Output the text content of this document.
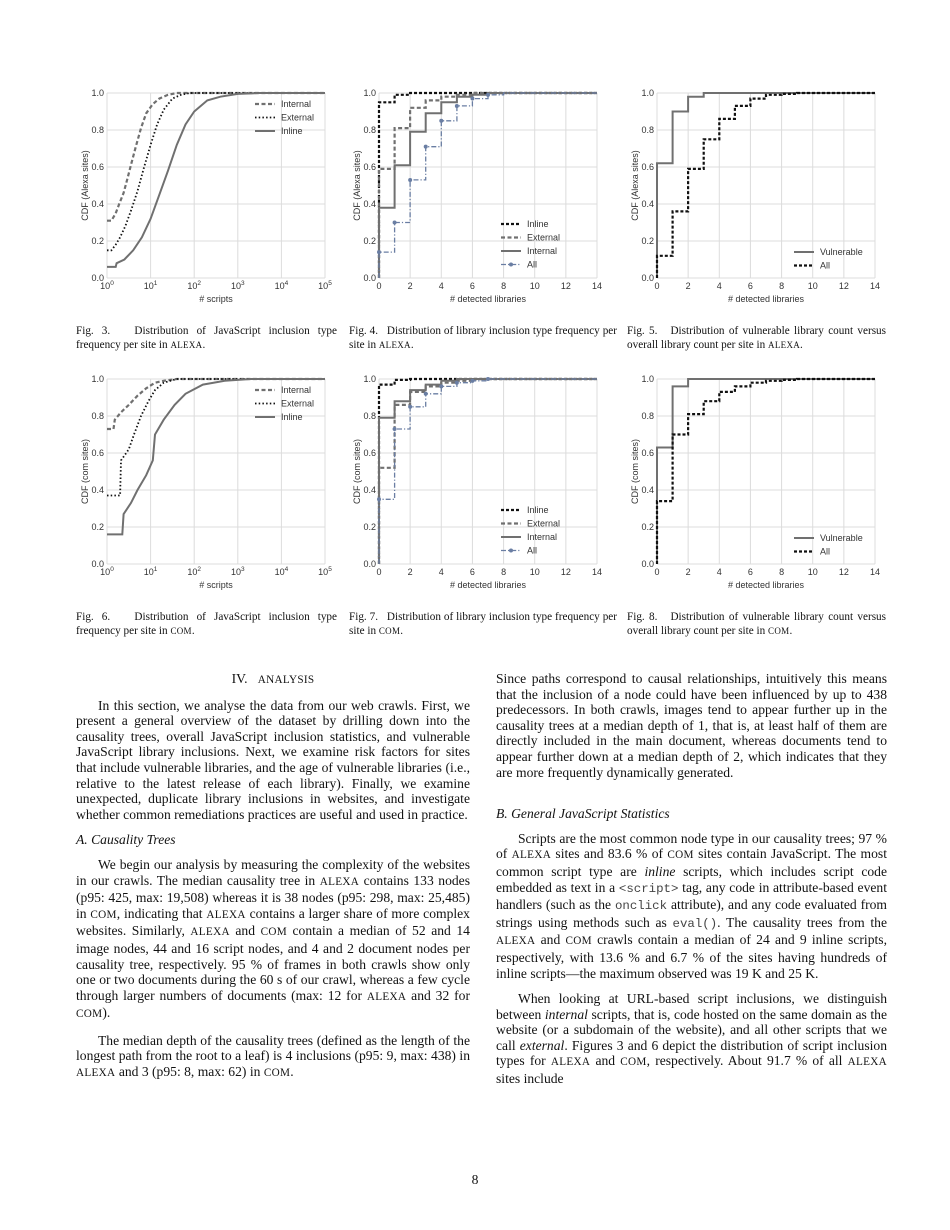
0.0
0.2
0.4
0.6
0.8
1.0
$10^0$	$10^1$	$10^2$	$10^3$	$10^4$	$10^5$
# scripts
CDF (Alexa sites)
Internal
External
Inline
0.0
0.2
0.4
0.6
0.8
1.0
0	2	4	6	8	10 12 14
# detected libraries
CDF (Alexa sites)
Inline
External
Internal
All
0.0
0.2
0.4
0.6
0.8
1.0
0	2	4	6	8	10 12 14
# detected libraries
CDF (Alexa sites)
Vulnerable
All
0.0
0.2
0.4
0.6
0.8
1.0
$10^0$	$10^1$	$10^2$	$10^3$	$10^4$	$10^5$
# scripts
CDF (com sites)
Internal
External
Inline
0.0
0.2
0.4
0.6
0.8
1.0
0	2	4	6	8	10 12 14
# detected libraries
CDF (com sites)
Inline
External
Internal
All
0.0
0.2
0.4
0.6
0.8
1.0
0	2	4	6	8	10 12 14
# detected libraries
CDF (com sites)
Vulnerable
All
Fig. 3. Distribution of JavaScript inclusion type frequency per site in ALEXA.
Fig. 4. Distribution of library inclusion type frequency per site in ALEXA.
Fig. 5. Distribution of vulnerable library count versus overall library count per site in ALEXA.
Fig. 6. Distribution of JavaScript inclusion type frequency per site in COM.
Fig. 7. Distribution of library inclusion type frequency per site in COM.
Fig. 8. Distribution of vulnerable library count versus overall library count per site in COM.
IV. ANALYSIS

In this section, we analyse the data from our web crawls. First, we present a general overview of the dataset by drilling down into the causality trees, overall JavaScript inclusion statistics, and vulnerable JavaScript library inclusions. Next, we examine risk factors for sites that include vulnerable libraries, and the age of vulnerable libraries (i.e., relative to the latest release of each library). Finally, we examine unexpected, duplicate library inclusions in websites, and investigate whether common remediations practices are useful and used in practice.

A. Causality Trees

We begin our analysis by measuring the complexity of the websites in our crawls. The median causality tree in ALEXA contains 133 nodes (p95: 425, max: 19,508) whereas it is 38 nodes (p95: 298, max: 25,485) in COM, indicating that ALEXA contains a larger share of more complex websites. Similarly, ALEXA and COM contain a median of 52 and 14 image nodes, 44 and 16 script nodes, and 4 and 2 document nodes per causality tree, respectively. 95 % of frames in both crawls show only one or two documents during the 60 s of our crawl, whereas a few cycle through larger numbers of documents (max: 12 for ALEXA and 32 for COM).

The median depth of the causality trees (defined as the length of the longest path from the root to a leaf) is 4 inclusions (p95: 9, max: 438) in ALEXA and 3 (p95: 8, max: 62) in COM.

Since paths correspond to causal relationships, intuitively this means that the inclusion of a node could have been influenced by up to 438 predecessors. In both crawls, images tend to appear further up in the causality trees at a median depth of 1, that is, at least half of them are directly included in the main document, whereas documents tend to appear further down at a median depth of 2, which indicates that they are more frequently dynamically generated.

B. General JavaScript Statistics

Scripts are the most common node type in our causality trees; 97 % of ALEXA sites and 83.6 % of COM sites contain JavaScript. The most common script type are inline scripts, which includes script code embedded as text in a <script> tag, any code in attribute-based event handlers (such as the onclick attribute), and any code evaluated from strings using methods such as eval(). The causality trees from the ALEXA and COM crawls contain a median of 24 and 9 inline scripts, respectively, with 13.6 % and 6.7 % of the sites having hundreds of inline scripts—the maximum observed was 19 K and 25 K.

When looking at URL-based script inclusions, we distinguish between internal scripts, that is, code hosted on the same domain as the website (or a subdomain of the website), and all other scripts that we call external. Figures 3 and 6 depict the distribution of script inclusion types for ALEXA and COM, respectively. About 91.7 % of all ALEXA sites include

8
